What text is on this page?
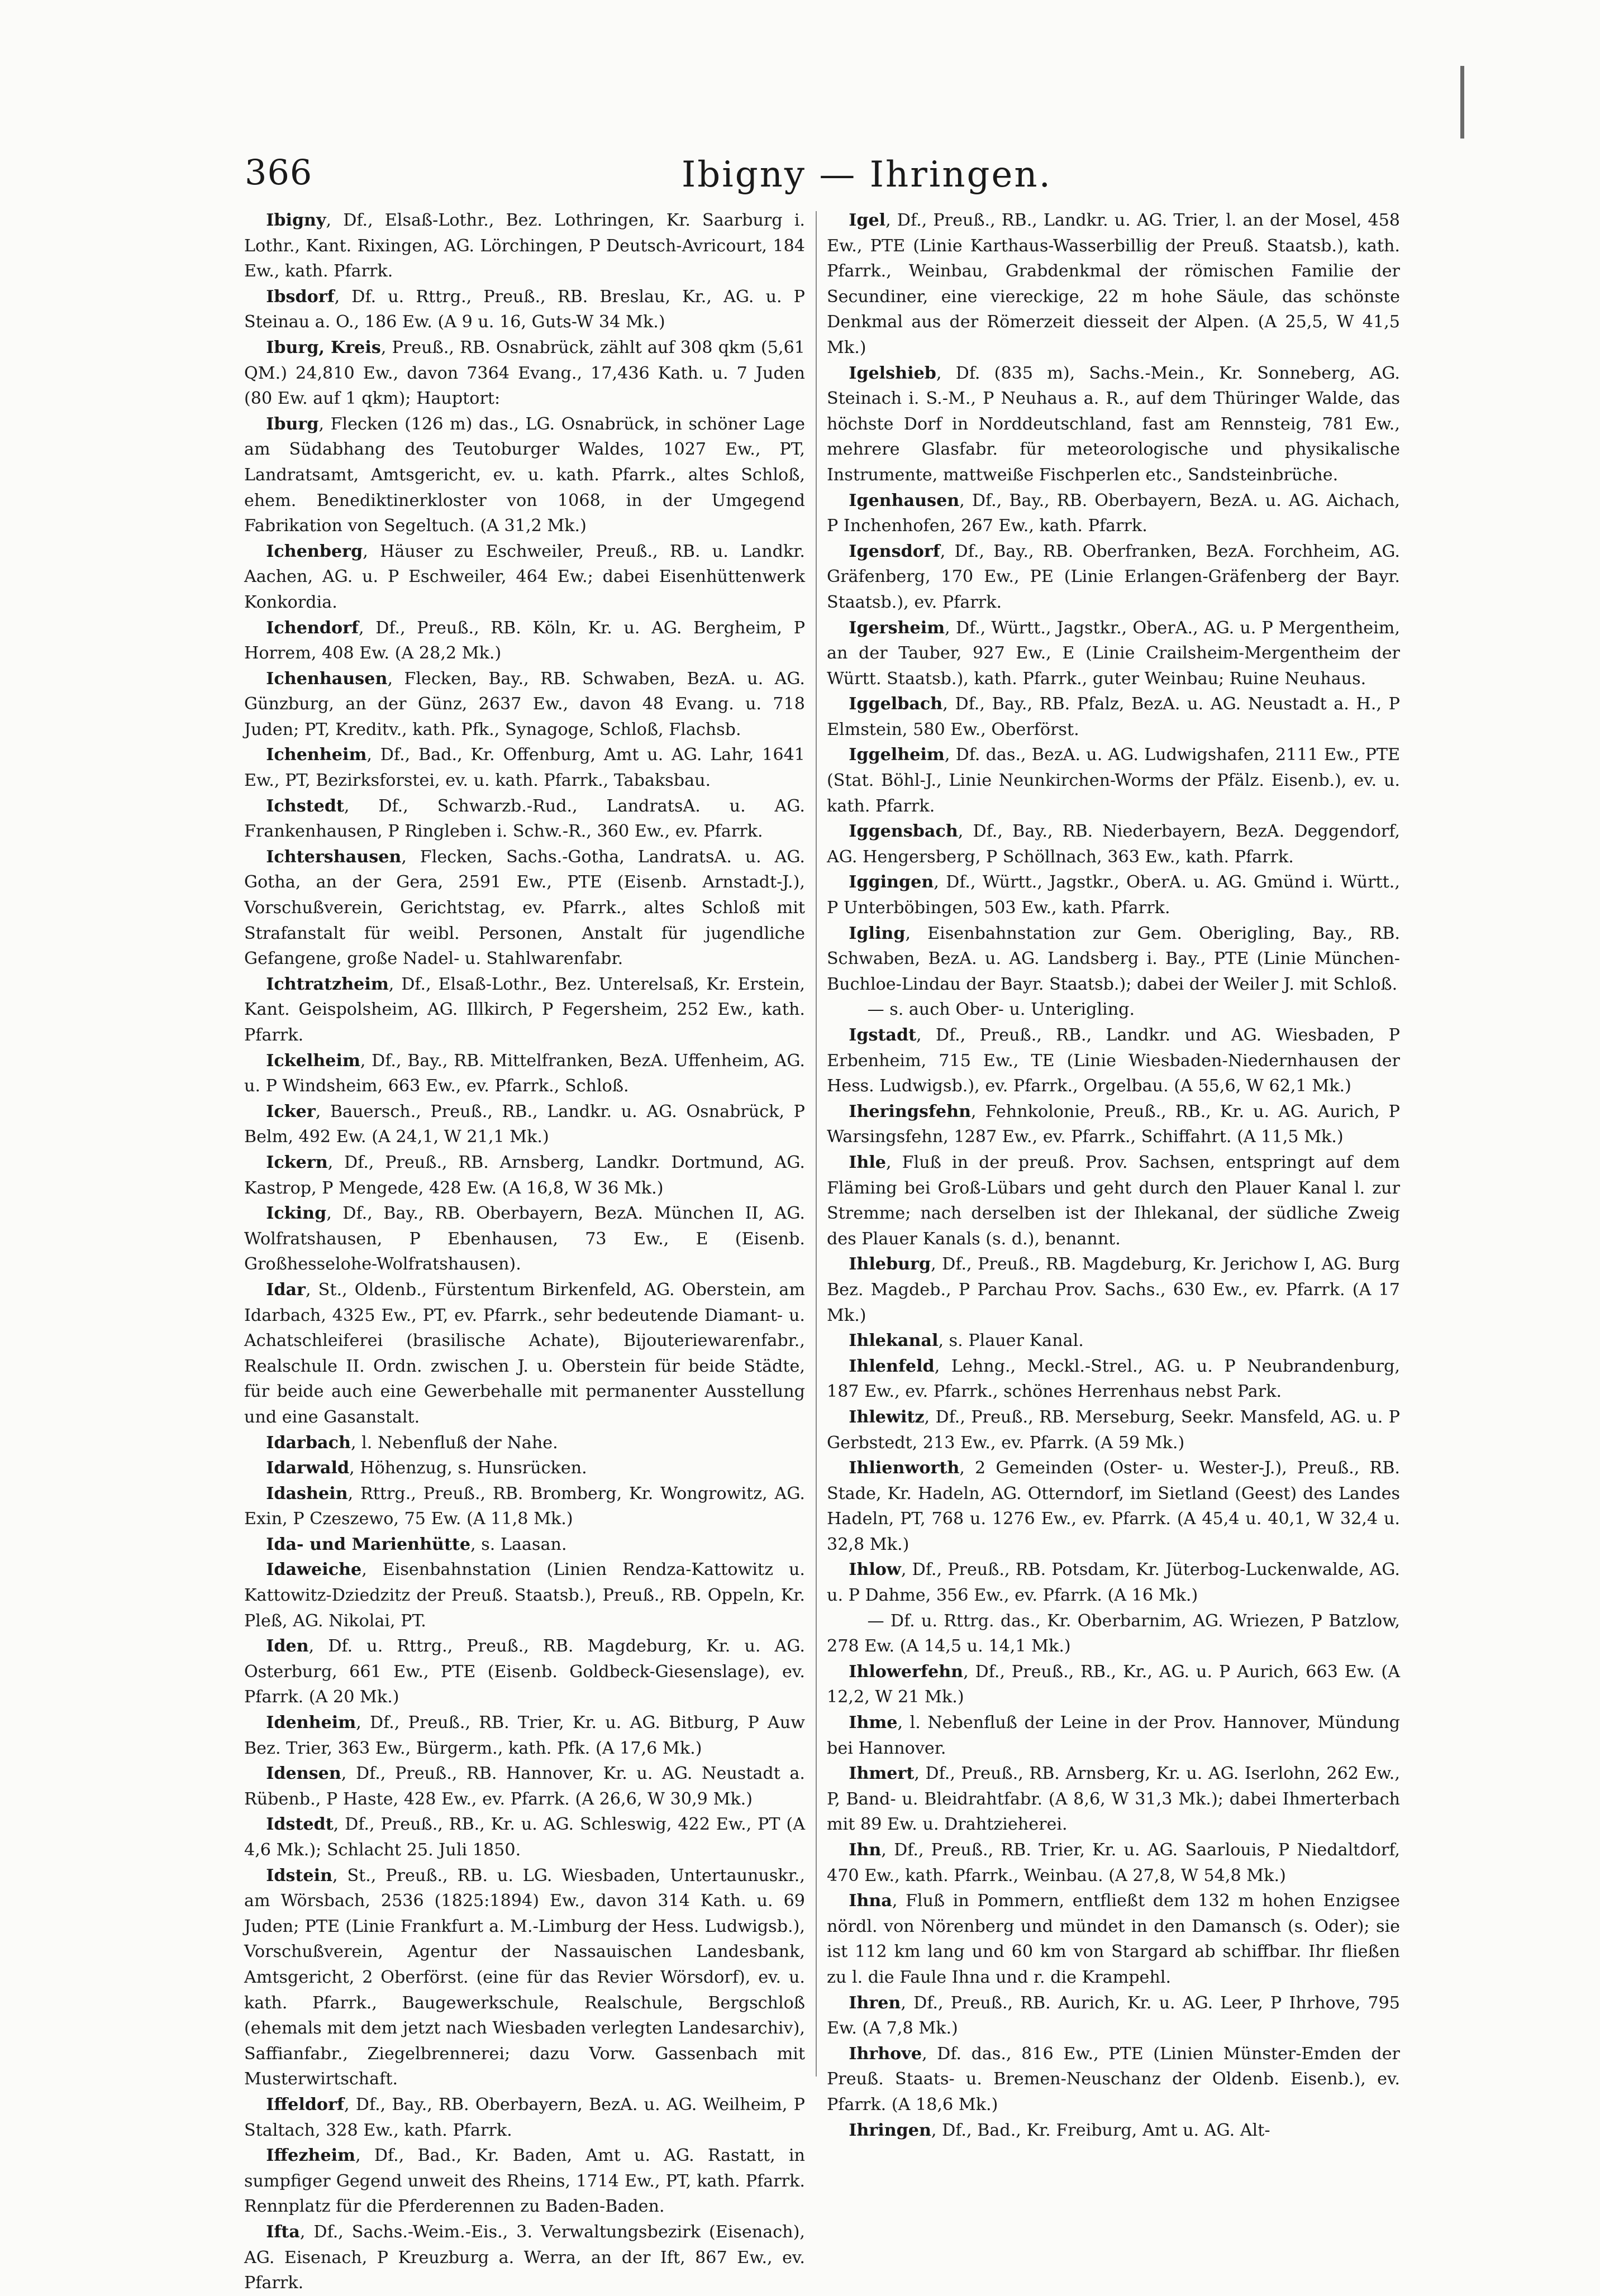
366	Ibigny — Ihringen.

Ibigny, Df., Elsaß-Lothr., Bez. Lothringen, Kr. Saarburg i. Lothr., Kant. Rixingen, AG. Lörchingen, P Deutsch-Avricourt, 184 Ew., kath. Pfarrk.

Ibsdorf, Df. u. Rttrg., Preuß., RB. Breslau, Kr., AG. u. P Steinau a. O., 186 Ew. (A 9 u. 16, Guts-W 34 Mk.)

Iburg, Kreis, Preuß., RB. Osnabrück, zählt auf 308 qkm (5,61 QM.) 24,810 Ew., davon 7364 Evang., 17,436 Kath. u. 7 Juden (80 Ew. auf 1 qkm); Hauptort:

Iburg, Flecken (126 m) das., LG. Osnabrück, in schöner Lage am Südabhang des Teutoburger Waldes, 1027 Ew., PT, Landratsamt, Amtsgericht, ev. u. kath. Pfarrk., altes Schloß, ehem. Benediktinerkloster von 1068, in der Umgegend Fabrikation von Segeltuch. (A 31,2 Mk.)

Ichenberg, Häuser zu Eschweiler, Preuß., RB. u. Landkr. Aachen, AG. u. P Eschweiler, 464 Ew.; dabei Eisenhüttenwerk Konkordia.

Ichendorf, Df., Preuß., RB. Köln, Kr. u. AG. Bergheim, P Horrem, 408 Ew. (A 28,2 Mk.)

Ichenhausen, Flecken, Bay., RB. Schwaben, BezA. u. AG. Günzburg, an der Günz, 2637 Ew., davon 48 Evang. u. 718 Juden; PT, Kreditv., kath. Pfk., Synagoge, Schloß, Flachsb.

Ichenheim, Df., Bad., Kr. Offenburg, Amt u. AG. Lahr, 1641 Ew., PT, Bezirksforstei, ev. u. kath. Pfarrk., Tabaksbau.

Ichstedt, Df., Schwarzb.-Rud., LandratsA. u. AG. Frankenhausen, P Ringleben i. Schw.-R., 360 Ew., ev. Pfarrk.

Ichtershausen, Flecken, Sachs.-Gotha, LandratsA. u. AG. Gotha, an der Gera, 2591 Ew., PTE (Eisenb. Arnstadt-J.), Vorschußverein, Gerichtstag, ev. Pfarrk., altes Schloß mit Strafanstalt für weibl. Personen, Anstalt für jugendliche Gefangene, große Nadel- u. Stahlwarenfabr.

Ichtratzheim, Df., Elsaß-Lothr., Bez. Unterelsaß, Kr. Erstein, Kant. Geispolsheim, AG. Illkirch, P Fegersheim, 252 Ew., kath. Pfarrk.

Ickelheim, Df., Bay., RB. Mittelfranken, BezA. Uffenheim, AG. u. P Windsheim, 663 Ew., ev. Pfarrk., Schloß.

Icker, Bauersch., Preuß., RB., Landkr. u. AG. Osnabrück, P Belm, 492 Ew. (A 24,1, W 21,1 Mk.)

Ickern, Df., Preuß., RB. Arnsberg, Landkr. Dortmund, AG. Kastrop, P Mengede, 428 Ew. (A 16,8, W 36 Mk.)

Icking, Df., Bay., RB. Oberbayern, BezA. München II, AG. Wolfratshausen, P Ebenhausen, 73 Ew., E (Eisenb. Großhesselohe-Wolfratshausen).

Idar, St., Oldenb., Fürstentum Birkenfeld, AG. Oberstein, am Idarbach, 4325 Ew., PT, ev. Pfarrk., sehr bedeutende Diamant- u. Achatschleiferei (brasilische Achate), Bijouteriewarenfabr., Realschule II. Ordn. zwischen J. u. Oberstein für beide Städte, für beide auch eine Gewerbehalle mit permanenter Ausstellung und eine Gasanstalt.

Idarbach, l. Nebenfluß der Nahe.

Idarwald, Höhenzug, s. Hunsrücken.

Idashein, Rttrg., Preuß., RB. Bromberg, Kr. Wongrowitz, AG. Exin, P Czeszewo, 75 Ew. (A 11,8 Mk.)

Ida- und Marienhütte, s. Laasan.

Idaweiche, Eisenbahnstation (Linien Rendza-Kattowitz u. Kattowitz-Dziedzitz der Preuß. Staatsb.), Preuß., RB. Oppeln, Kr. Pleß, AG. Nikolai, PT.

Iden, Df. u. Rttrg., Preuß., RB. Magdeburg, Kr. u. AG. Osterburg, 661 Ew., PTE (Eisenb. Goldbeck-Giesenslage), ev. Pfarrk. (A 20 Mk.)

Idenheim, Df., Preuß., RB. Trier, Kr. u. AG. Bitburg, P Auw Bez. Trier, 363 Ew., Bürgerm., kath. Pfk. (A 17,6 Mk.)

Idensen, Df., Preuß., RB. Hannover, Kr. u. AG. Neustadt a. Rübenb., P Haste, 428 Ew., ev. Pfarrk. (A 26,6, W 30,9 Mk.)

Idstedt, Df., Preuß., RB., Kr. u. AG. Schleswig, 422 Ew., PT (A 4,6 Mk.); Schlacht 25. Juli 1850.

Idstein, St., Preuß., RB. u. LG. Wiesbaden, Untertaunuskr., am Wörsbach, 2536 (1825:1894) Ew., davon 314 Kath. u. 69 Juden; PTE (Linie Frankfurt a. M.-Limburg der Hess. Ludwigsb.), Vorschußverein, Agentur der Nassauischen Landesbank, Amtsgericht, 2 Oberförst. (eine für das Revier Wörsdorf), ev. u. kath. Pfarrk., Baugewerkschule, Realschule, Bergschloß (ehemals mit dem jetzt nach Wiesbaden verlegten Landesarchiv), Saffianfabr., Ziegelbrennerei; dazu Vorw. Gassenbach mit Musterwirtschaft.

Iffeldorf, Df., Bay., RB. Oberbayern, BezA. u. AG. Weilheim, P Staltach, 328 Ew., kath. Pfarrk.

Iffezheim, Df., Bad., Kr. Baden, Amt u. AG. Rastatt, in sumpfiger Gegend unweit des Rheins, 1714 Ew., PT, kath. Pfarrk. Rennplatz für die Pferderennen zu Baden-Baden.

Ifta, Df., Sachs.-Weim.-Eis., 3. Verwaltungsbezirk (Eisenach), AG. Eisenach, P Kreuzburg a. Werra, an der Ift, 867 Ew., ev. Pfarrk.

Igel, Df., Preuß., RB., Landkr. u. AG. Trier, l. an der Mosel, 458 Ew., PTE (Linie Karthaus-Wasserbillig der Preuß. Staatsb.), kath. Pfarrk., Weinbau, Grabdenkmal der römischen Familie der Secundiner, eine viereckige, 22 m hohe Säule, das schönste Denkmal aus der Römerzeit diesseit der Alpen. (A 25,5, W 41,5 Mk.)

Igelshieb, Df. (835 m), Sachs.-Mein., Kr. Sonneberg, AG. Steinach i. S.-M., P Neuhaus a. R., auf dem Thüringer Walde, das höchste Dorf in Norddeutschland, fast am Rennsteig, 781 Ew., mehrere Glasfabr. für meteorologische und physikalische Instrumente, mattweiße Fischperlen etc., Sandsteinbrüche.

Igenhausen, Df., Bay., RB. Oberbayern, BezA. u. AG. Aichach, P Inchenhofen, 267 Ew., kath. Pfarrk.

Igensdorf, Df., Bay., RB. Oberfranken, BezA. Forchheim, AG. Gräfenberg, 170 Ew., PE (Linie Erlangen-Gräfenberg der Bayr. Staatsb.), ev. Pfarrk.

Igersheim, Df., Württ., Jagstkr., OberA., AG. u. P Mergentheim, an der Tauber, 927 Ew., E (Linie Crailsheim-Mergentheim der Württ. Staatsb.), kath. Pfarrk., guter Weinbau; Ruine Neuhaus.

Iggelbach, Df., Bay., RB. Pfalz, BezA. u. AG. Neustadt a. H., P Elmstein, 580 Ew., Oberförst.

Iggelheim, Df. das., BezA. u. AG. Ludwigshafen, 2111 Ew., PTE (Stat. Böhl-J., Linie Neunkirchen-Worms der Pfälz. Eisenb.), ev. u. kath. Pfarrk.

Iggensbach, Df., Bay., RB. Niederbayern, BezA. Deggendorf, AG. Hengersberg, P Schöllnach, 363 Ew., kath. Pfarrk.

Iggingen, Df., Württ., Jagstkr., OberA. u. AG. Gmünd i. Württ., P Unterböbingen, 503 Ew., kath. Pfarrk.

Igling, Eisenbahnstation zur Gem. Oberigling, Bay., RB. Schwaben, BezA. u. AG. Landsberg i. Bay., PTE (Linie München-Buchloe-Lindau der Bayr. Staatsb.); dabei der Weiler J. mit Schloß.

— s. auch Ober- u. Unterigling.

Igstadt, Df., Preuß., RB., Landkr. und AG. Wiesbaden, P Erbenheim, 715 Ew., TE (Linie Wiesbaden-Niedernhausen der Hess. Ludwigsb.), ev. Pfarrk., Orgelbau. (A 55,6, W 62,1 Mk.)

Iheringsfehn, Fehnkolonie, Preuß., RB., Kr. u. AG. Aurich, P Warsingsfehn, 1287 Ew., ev. Pfarrk., Schiffahrt. (A 11,5 Mk.)

Ihle, Fluß in der preuß. Prov. Sachsen, entspringt auf dem Fläming bei Groß-Lübars und geht durch den Plauer Kanal l. zur Stremme; nach derselben ist der Ihlekanal, der südliche Zweig des Plauer Kanals (s. d.), benannt.

Ihleburg, Df., Preuß., RB. Magdeburg, Kr. Jerichow I, AG. Burg Bez. Magdeb., P Parchau Prov. Sachs., 630 Ew., ev. Pfarrk. (A 17 Mk.)

Ihlekanal, s. Plauer Kanal.

Ihlenfeld, Lehng., Meckl.-Strel., AG. u. P Neubrandenburg, 187 Ew., ev. Pfarrk., schönes Herrenhaus nebst Park.

Ihlewitz, Df., Preuß., RB. Merseburg, Seekr. Mansfeld, AG. u. P Gerbstedt, 213 Ew., ev. Pfarrk. (A 59 Mk.)

Ihlienworth, 2 Gemeinden (Oster- u. Wester-J.), Preuß., RB. Stade, Kr. Hadeln, AG. Otterndorf, im Sietland (Geest) des Landes Hadeln, PT, 768 u. 1276 Ew., ev. Pfarrk. (A 45,4 u. 40,1, W 32,4 u. 32,8 Mk.)

Ihlow, Df., Preuß., RB. Potsdam, Kr. Jüterbog-Luckenwalde, AG. u. P Dahme, 356 Ew., ev. Pfarrk. (A 16 Mk.)

— Df. u. Rttrg. das., Kr. Oberbarnim, AG. Wriezen, P Batzlow, 278 Ew. (A 14,5 u. 14,1 Mk.)

Ihlowerfehn, Df., Preuß., RB., Kr., AG. u. P Aurich, 663 Ew. (A 12,2, W 21 Mk.)

Ihme, l. Nebenfluß der Leine in der Prov. Hannover, Mündung bei Hannover.

Ihmert, Df., Preuß., RB. Arnsberg, Kr. u. AG. Iserlohn, 262 Ew., P, Band- u. Bleidrahtfabr. (A 8,6, W 31,3 Mk.); dabei Ihmerterbach mit 89 Ew. u. Drahtzieherei.

Ihn, Df., Preuß., RB. Trier, Kr. u. AG. Saarlouis, P Niedaltdorf, 470 Ew., kath. Pfarrk., Weinbau. (A 27,8, W 54,8 Mk.)

Ihna, Fluß in Pommern, entfließt dem 132 m hohen Enzigsee nördl. von Nörenberg und mündet in den Damansch (s. Oder); sie ist 112 km lang und 60 km von Stargard ab schiffbar. Ihr fließen zu l. die Faule Ihna und r. die Krampehl.

Ihren, Df., Preuß., RB. Aurich, Kr. u. AG. Leer, P Ihrhove, 795 Ew. (A 7,8 Mk.)

Ihrhove, Df. das., 816 Ew., PTE (Linien Münster-Emden der Preuß. Staats- u. Bremen-Neuschanz der Oldenb. Eisenb.), ev. Pfarrk. (A 18,6 Mk.)

Ihringen, Df., Bad., Kr. Freiburg, Amt u. AG. Alt-
